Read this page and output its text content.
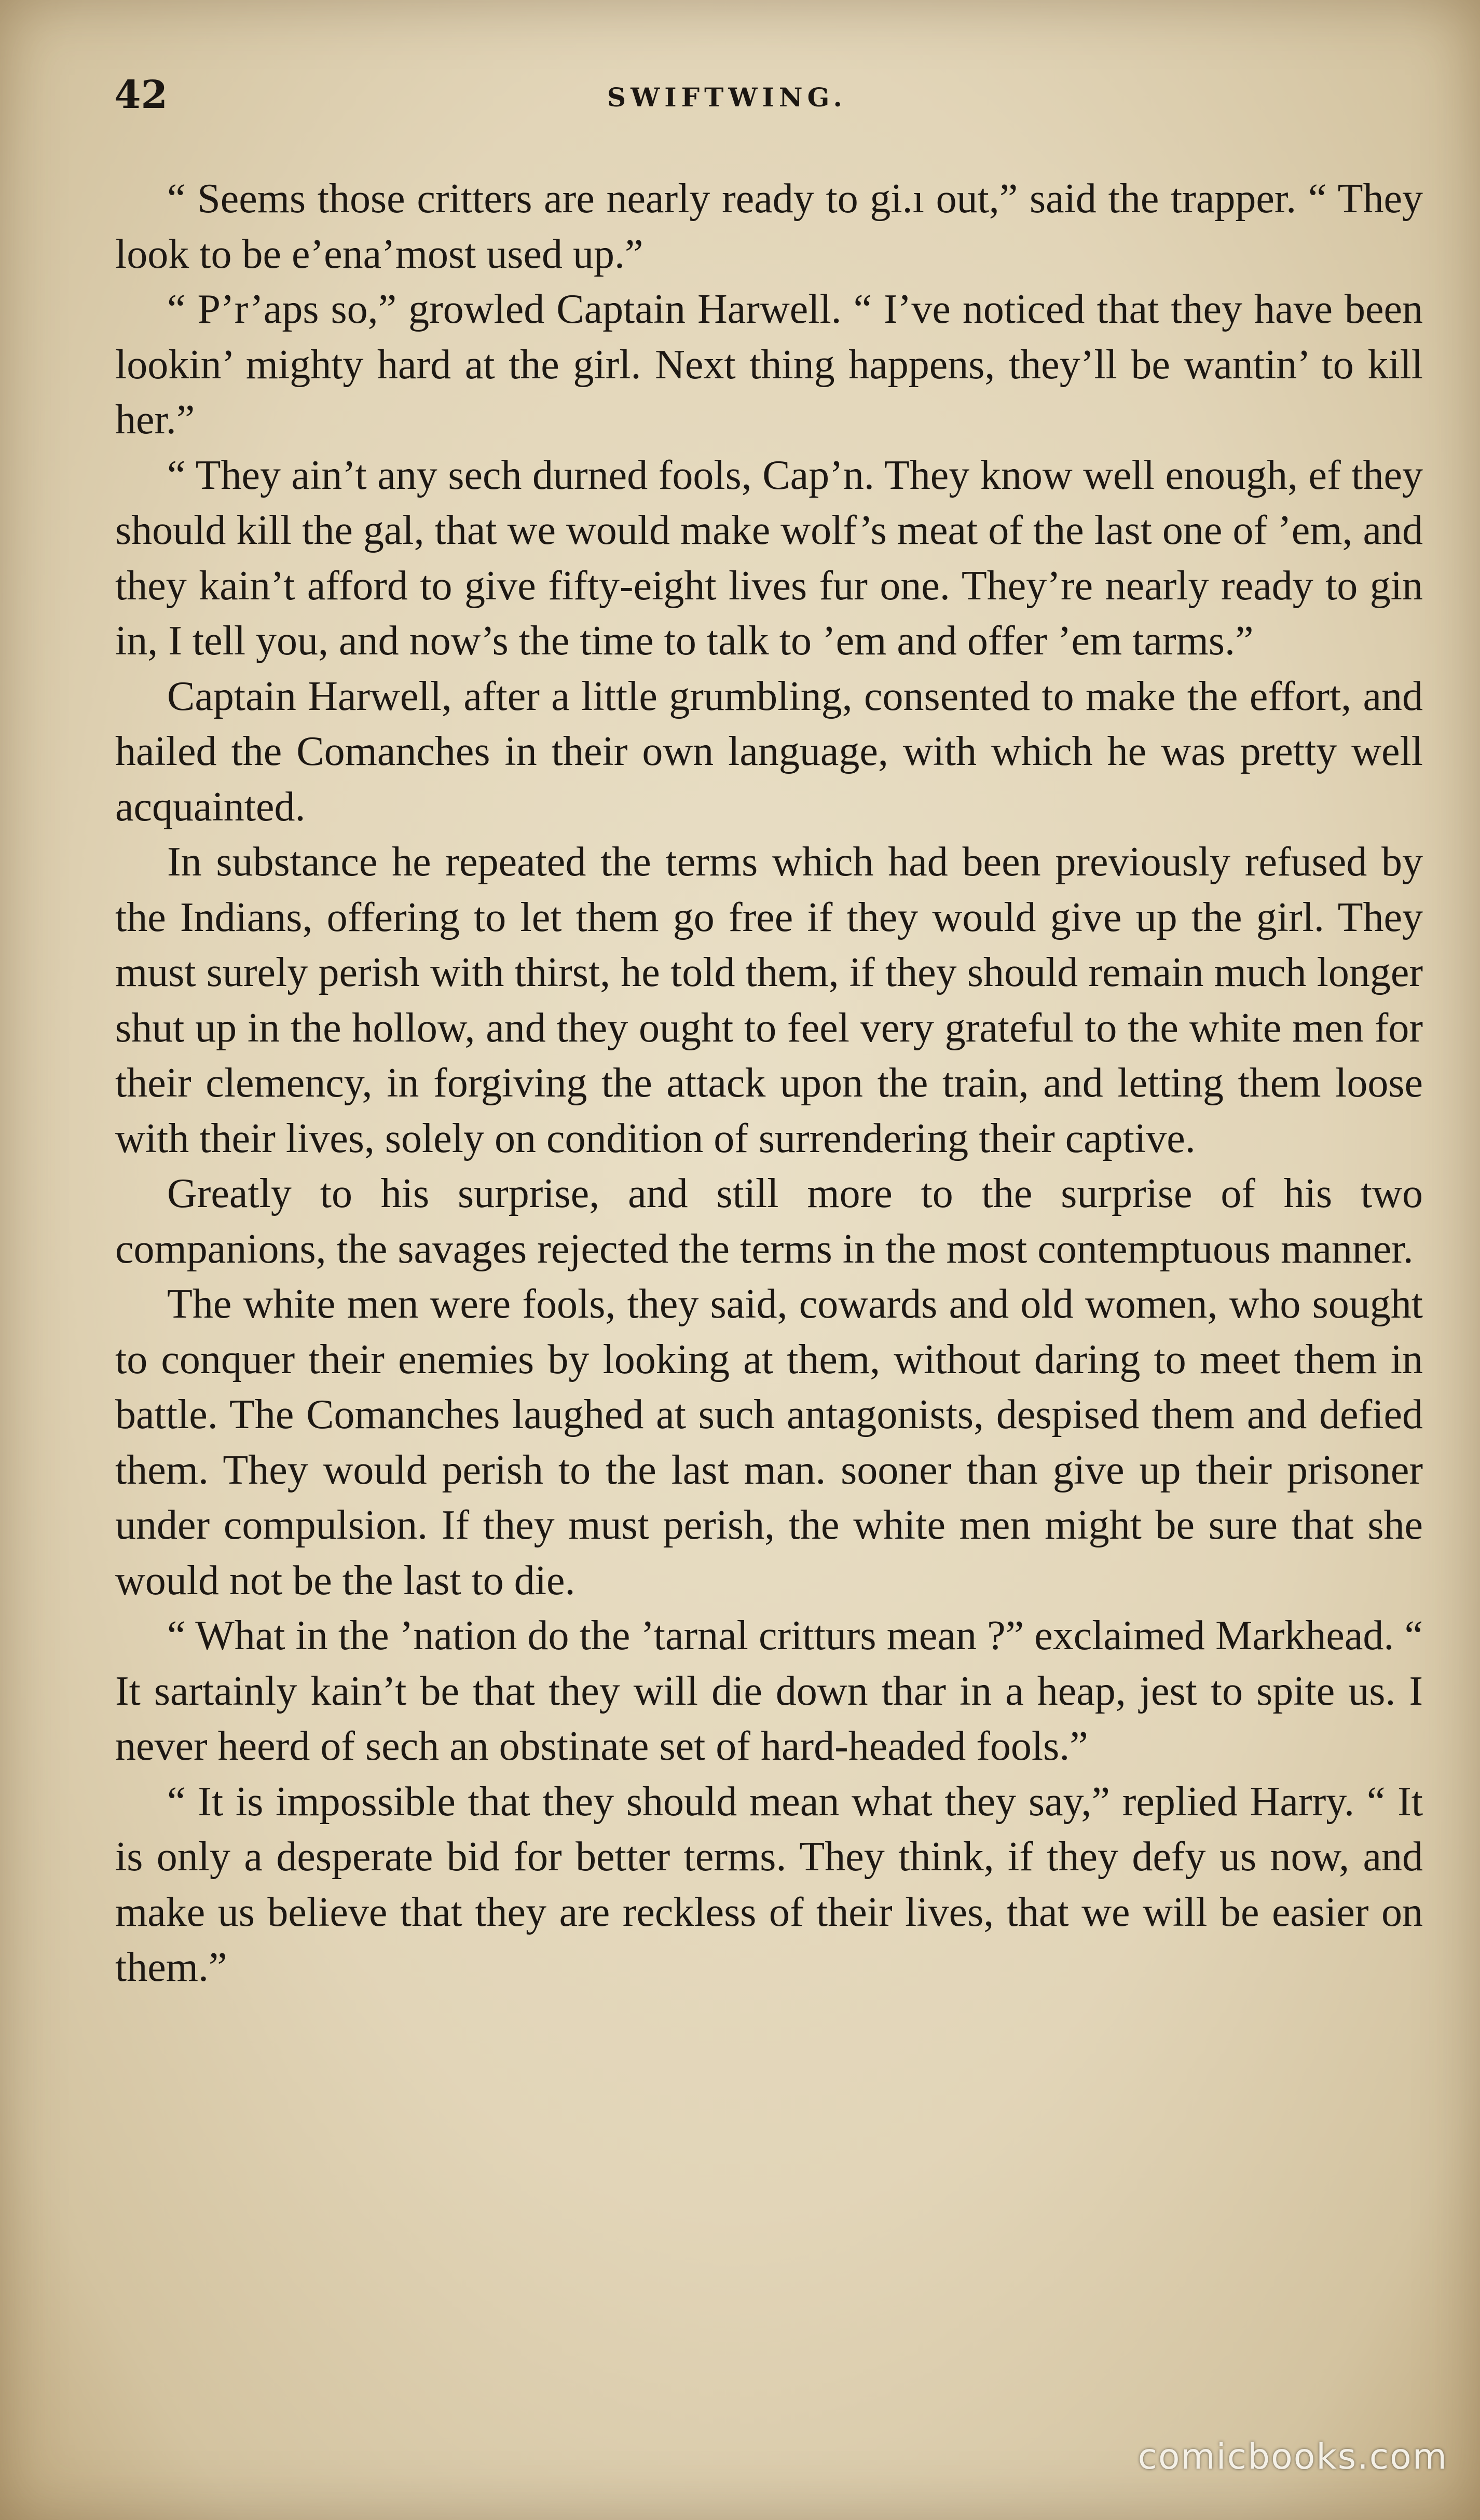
42	SWIFTWING.

“ Seems those critters are nearly ready to gi.ı out,” said the trapper. “ They look to be e’ena’most used up.”

“ P’r’aps so,” growled Captain Harwell. “ I’ve noticed that they have been lookin’ mighty hard at the girl. Next thing happens, they’ll be wantin’ to kill her.”

“ They ain’t any sech durned fools, Cap’n. They know well enough, ef they should kill the gal, that we would make wolf’s meat of the last one of ’em, and they kain’t afford to give fifty-eight lives fur one. They’re nearly ready to gin in, I tell you, and now’s the time to talk to ’em and offer ’em tarms.”

Captain Harwell, after a little grumbling, consented to make the effort, and hailed the Comanches in their own language, with which he was pretty well acquainted.

In substance he repeated the terms which had been previously refused by the Indians, offering to let them go free if they would give up the girl. They must surely perish with thirst, he told them, if they should remain much longer shut up in the hollow, and they ought to feel very grateful to the white men for their clemency, in forgiving the attack upon the train, and letting them loose with their lives, solely on condition of surrendering their captive.

Greatly to his surprise, and still more to the surprise of his two companions, the savages rejected the terms in the most contemptuous manner.

The white men were fools, they said, cowards and old women, who sought to conquer their enemies by looking at them, without daring to meet them in battle. The Comanches laughed at such antagonists, despised them and defied them. They would perish to the last man. sooner than give up their prisoner under compulsion. If they must perish, the white men might be sure that she would not be the last to die.

“ What in the ’nation do the ’tarnal critturs mean ?” exclaimed Markhead. “ It sartainly kain’t be that they will die down thar in a heap, jest to spite us. I never heerd of sech an obstinate set of hard-headed fools.”

“ It is impossible that they should mean what they say,” replied Harry. “ It is only a desperate bid for better terms. They think, if they defy us now, and make us believe that they are reckless of their lives, that we will be easier on them.”

comicbooks.com
